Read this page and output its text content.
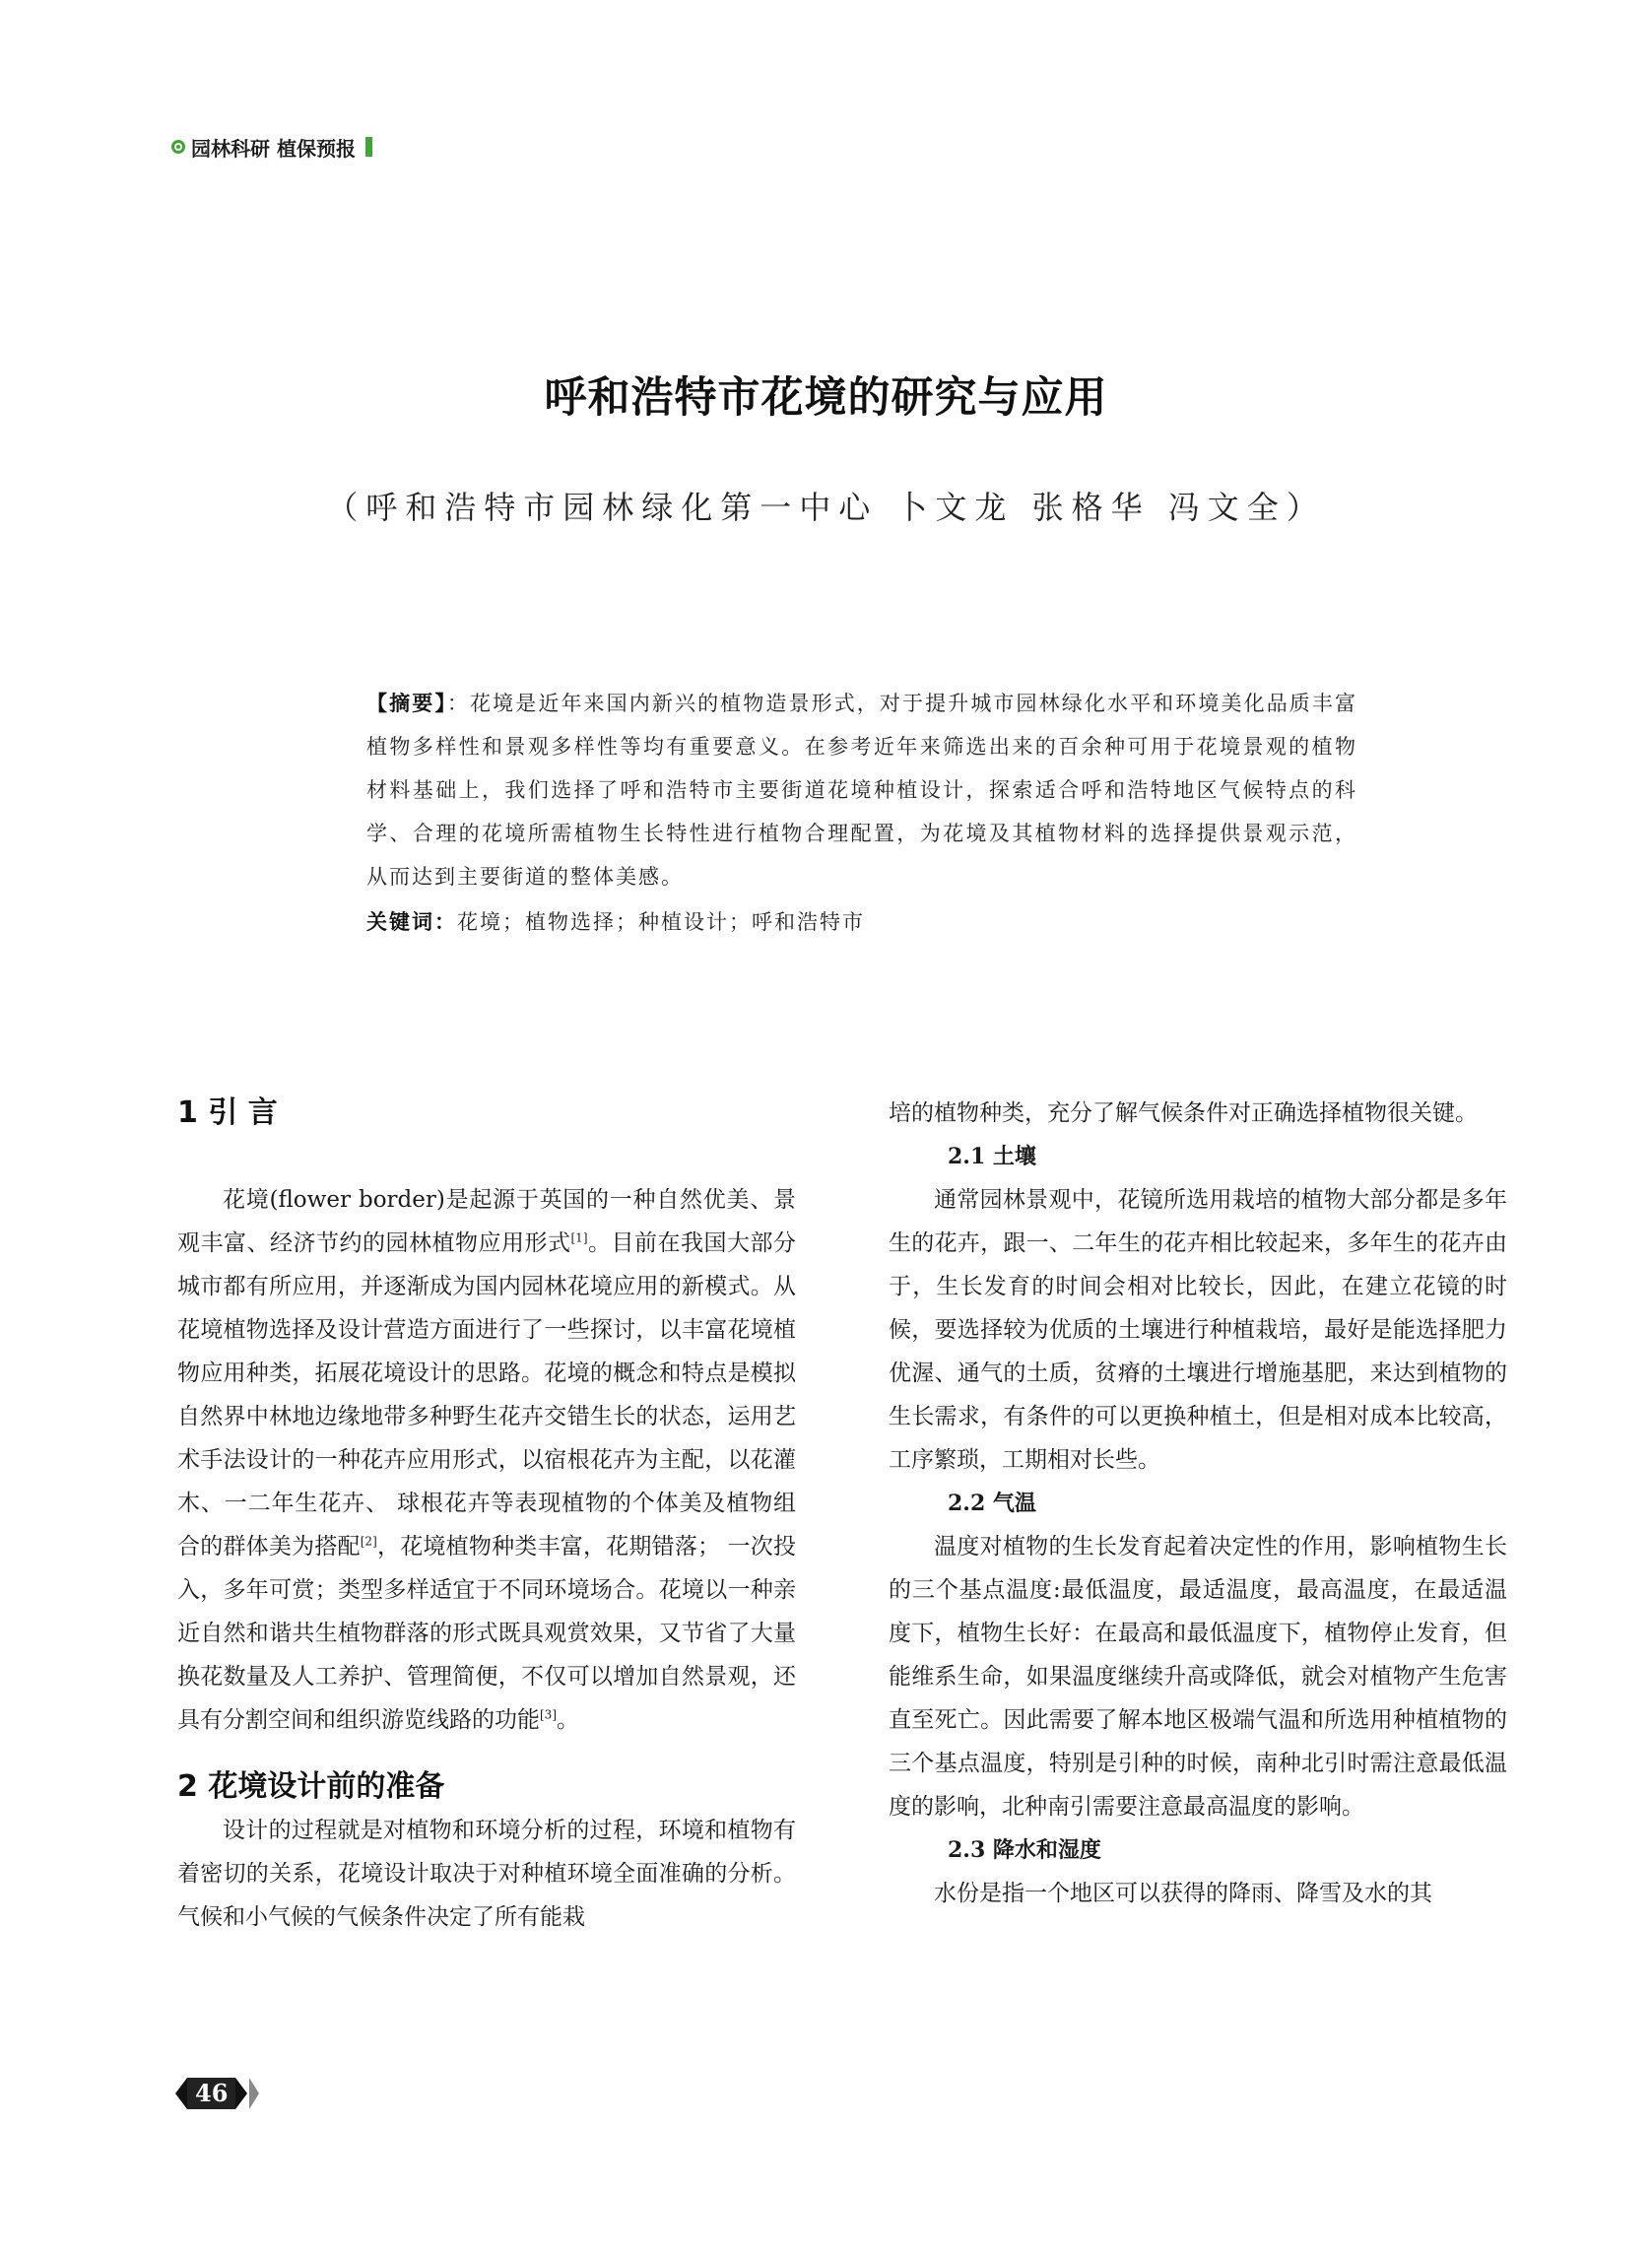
园林科研 植保预报
呼和浩特市花境的研究与应用
（呼和浩特市园林绿化第一中心 卜文龙 张格华 冯文全）
【摘要】：花境是近年来国内新兴的植物造景形式，对于提升城市园林绿化水平和环境美化品质丰富植物多样性和景观多样性等均有重要意义。在参考近年来筛选出来的百余种可用于花境景观的植物材料基础上，我们选择了呼和浩特市主要街道花境种植设计，探索适合呼和浩特地区气候特点的科学、合理的花境所需植物生长特性进行植物合理配置，为花境及其植物材料的选择提供景观示范，从而达到主要街道的整体美感。
关键词：花境；植物选择；种植设计；呼和浩特市
1 引 言

花境(flower border)是起源于英国的一种自然优美、景观丰富、经济节约的园林植物应用形式[1]。目前在我国大部分城市都有所应用，并逐渐成为国内园林花境应用的新模式。从花境植物选择及设计营造方面进行了一些探讨，以丰富花境植物应用种类，拓展花境设计的思路。花境的概念和特点是模拟自然界中林地边缘地带多种野生花卉交错生长的状态，运用艺术手法设计的一种花卉应用形式，以宿根花卉为主配，以花灌木、一二年生花卉、 球根花卉等表现植物的个体美及植物组合的群体美为搭配[2]，花境植物种类丰富，花期错落； 一次投入，多年可赏；类型多样适宜于不同环境场合。花境以一种亲近自然和谐共生植物群落的形式既具观赏效果，又节省了大量换花数量及人工养护、管理简便，不仅可以增加自然景观，还具有分割空间和组织游览线路的功能[3]。

2 花境设计前的准备

设计的过程就是对植物和环境分析的过程，环境和植物有着密切的关系，花境设计取决于对种植环境全面准确的分析。气候和小气候的气候条件决定了所有能栽

培的植物种类，充分了解气候条件对正确选择植物很关键。

2.1 土壤

通常园林景观中，花镜所选用栽培的植物大部分都是多年生的花卉，跟一、二年生的花卉相比较起来，多年生的花卉由于，生长发育的时间会相对比较长，因此，在建立花镜的时候，要选择较为优质的土壤进行种植栽培，最好是能选择肥力优渥、通气的土质，贫瘠的土壤进行增施基肥，来达到植物的生长需求，有条件的可以更换种植土，但是相对成本比较高，工序繁琐，工期相对长些。

2.2 气温

温度对植物的生长发育起着决定性的作用，影响植物生长的三个基点温度:最低温度，最适温度，最高温度，在最适温度下，植物生长好：在最高和最低温度下，植物停止发育，但能维系生命，如果温度继续升高或降低，就会对植物产生危害直至死亡。因此需要了解本地区极端气温和所选用种植植物的三个基点温度，特别是引种的时候，南种北引时需注意最低温度的影响，北种南引需要注意最高温度的影响。

2.3 降水和湿度

水份是指一个地区可以获得的降雨、降雪及水的其

46
